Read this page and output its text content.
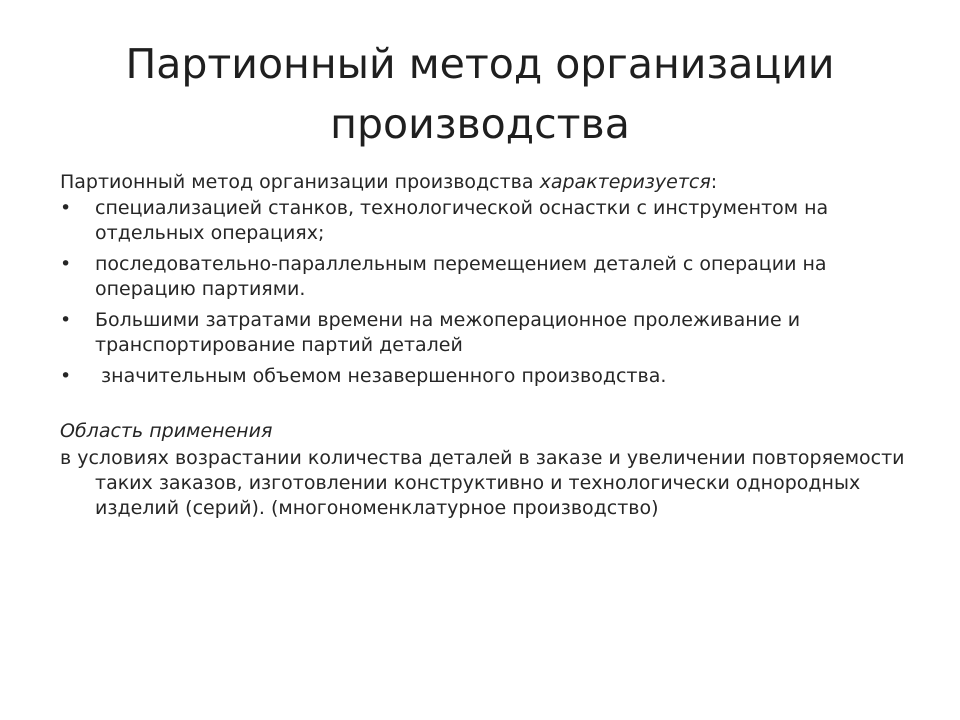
Партионный метод организации производства
Партионный метод организации производства характеризуется:
•	специализацией станков, технологической оснастки с инструментом на отдельных операциях;
•	последовательно-параллельным перемещением деталей с операции на операцию партиями.
•	Большими затратами времени на межоперационное пролеживание и транспортирование партий деталей
•	значительным объемом незавершенного производства.
Область применения
в условиях возрастании количества деталей в заказе и увеличении повторяемости таких заказов, изготовлении конструктивно и технологически однородных изделий (серий). (многономенклатурное производство)
